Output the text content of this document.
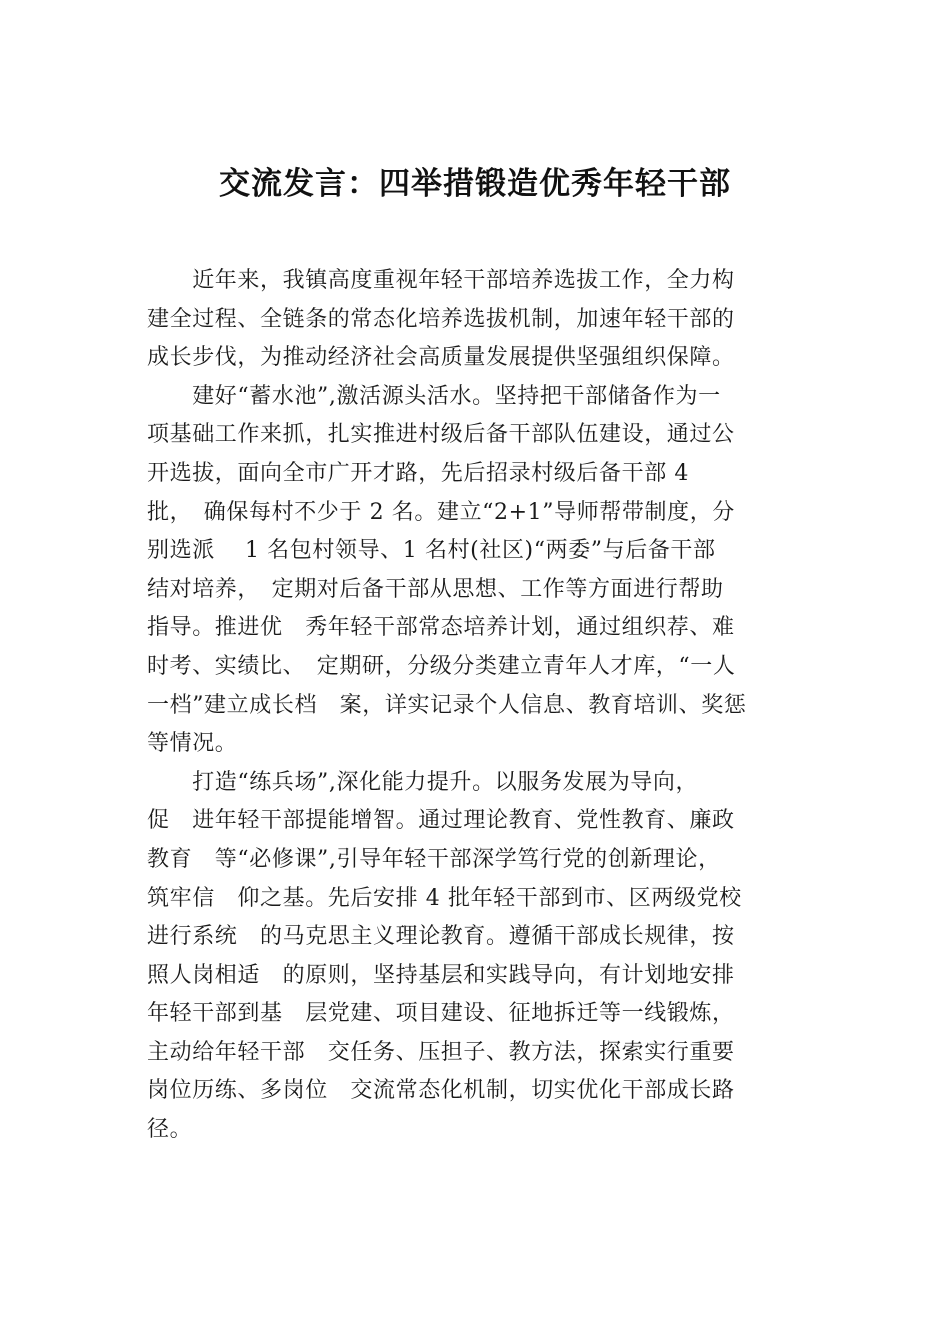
交流发言：四举措锻造优秀年轻干部
　　近年来，我镇高度重视年轻干部培养选拔工作，全力构
建全过程、全链条的常态化培养选拔机制，加速年轻干部的
成长步伐，为推动经济社会高质量发展提供坚强组织保障。
　　建好“蓄水池”,激活源头活水。坚持把干部储备作为一
项基础工作来抓，扎实推进村级后备干部队伍建设，通过公
开选拔，面向全市广开才路，先后招录村级后备干部 4
批，　确保每村不少于 2 名。建立“2+1”导师帮带制度，分
别选派　 1 名包村领导、1 名村(社区)“两委”与后备干部
结对培养，　定期对后备干部从思想、工作等方面进行帮助
指导。推进优　秀年轻干部常态培养计划，通过组织荐、难
时考、实绩比、　定期研，分级分类建立青年人才库，“一人
一档”建立成长档　案，详实记录个人信息、教育培训、奖惩
等情况。
　　打造“练兵场”,深化能力提升。以服务发展为导向，
促　进年轻干部提能增智。通过理论教育、党性教育、廉政
教育　等“必修课”,引导年轻干部深学笃行党的创新理论，
筑牢信　仰之基。先后安排 4 批年轻干部到市、区两级党校
进行系统　的马克思主义理论教育。遵循干部成长规律，按
照人岗相适　的原则，坚持基层和实践导向，有计划地安排
年轻干部到基　层党建、项目建设、征地拆迁等一线锻炼，
主动给年轻干部　交任务、压担子、教方法，探索实行重要
岗位历练、多岗位　交流常态化机制，切实优化干部成长路
径。
